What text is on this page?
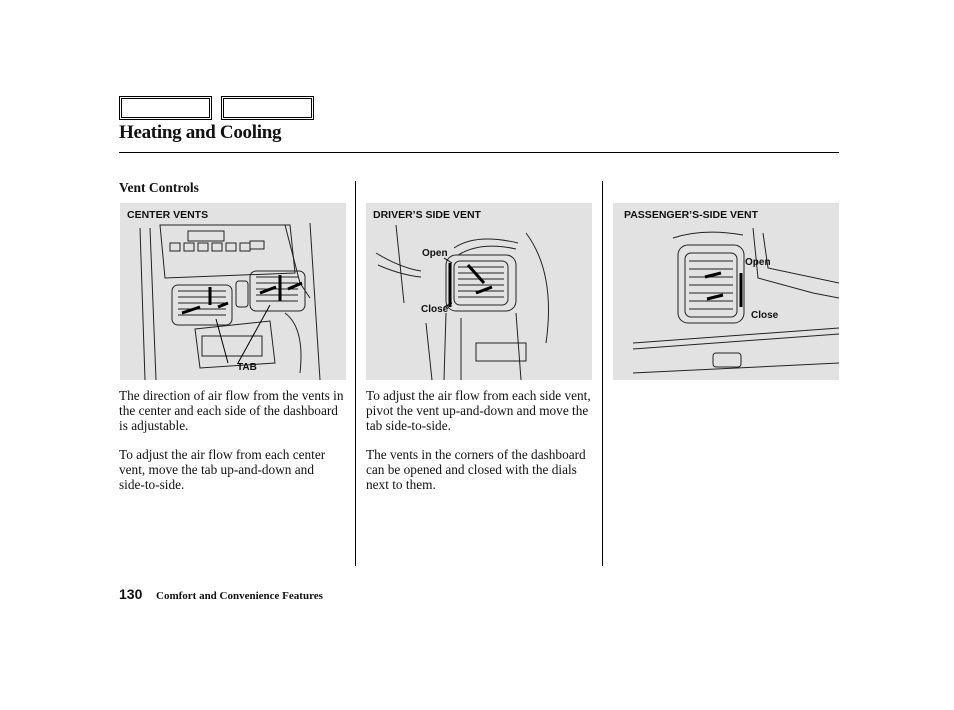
Heating and Cooling
Vent Controls
CENTER VENTS
TAB
DRIVER’S SIDE VENT
Open
Close
PASSENGER’S-SIDE VENT
Open
Close
The direction of air flow from the vents in the center and each side of the dashboard is adjustable.
To adjust the air flow from each center vent, move the tab up-and-down and side-to-side.
To adjust the air flow from each side vent, pivot the vent up-and-down and move the tab side-to-side.
The vents in the corners of the dashboard can be opened and closed with the dials next to them.
130 Comfort and Convenience Features
